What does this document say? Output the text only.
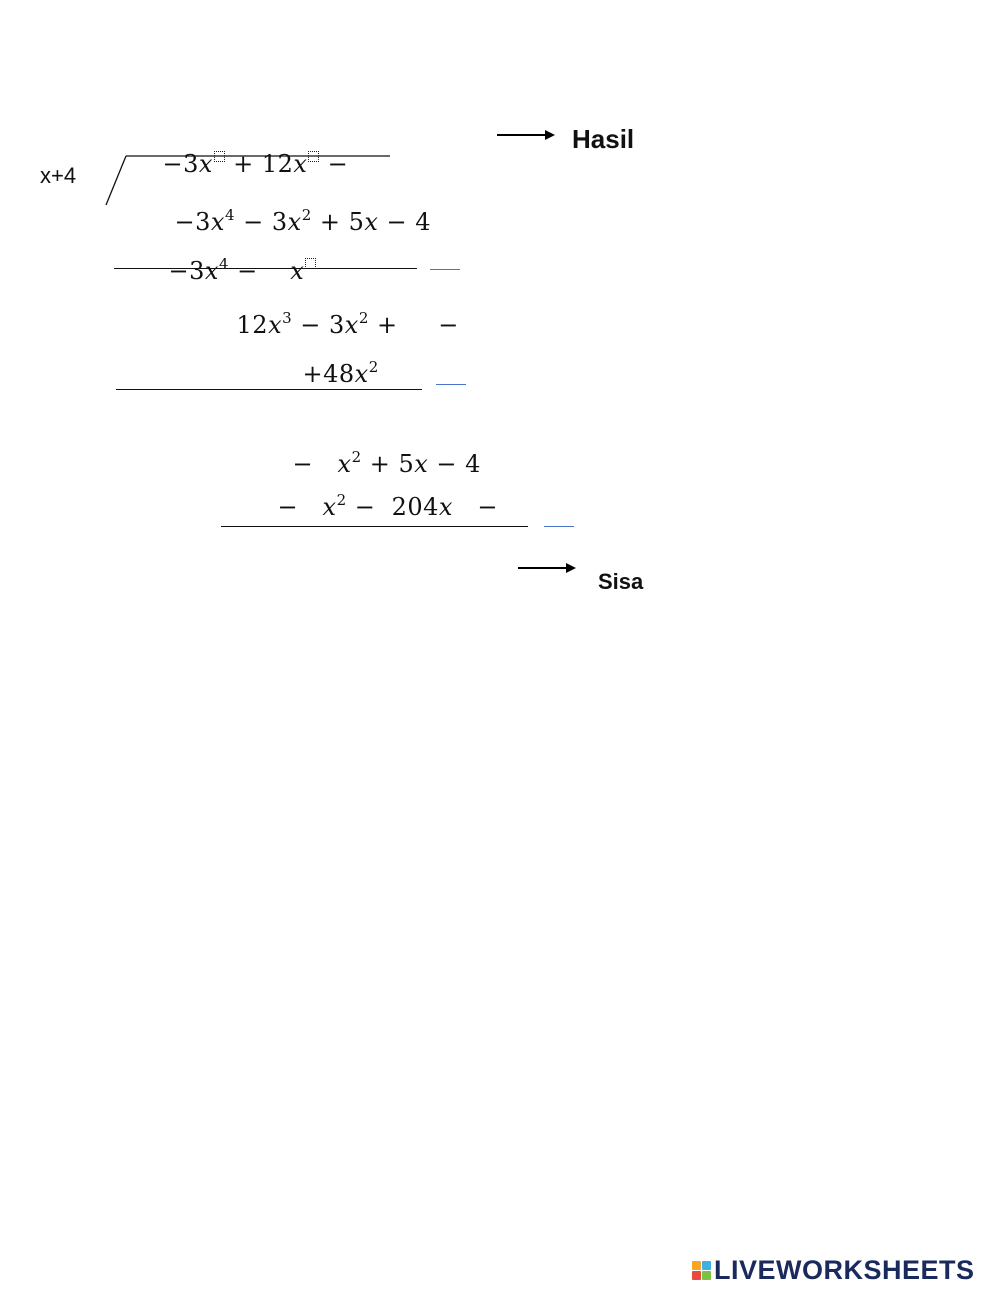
x+4	−3x + 12x −

Hasil

$-3x^4 - 3x^2 + 5x - 4$

$-3x^4$ −    x

$12x^3 - 3x^2$ +     −

$+48x^2$

−   $x^2 + 5x - 4$

−   $x^2 - 204x$   −

Sisa
LIVEWORKSHEETS
